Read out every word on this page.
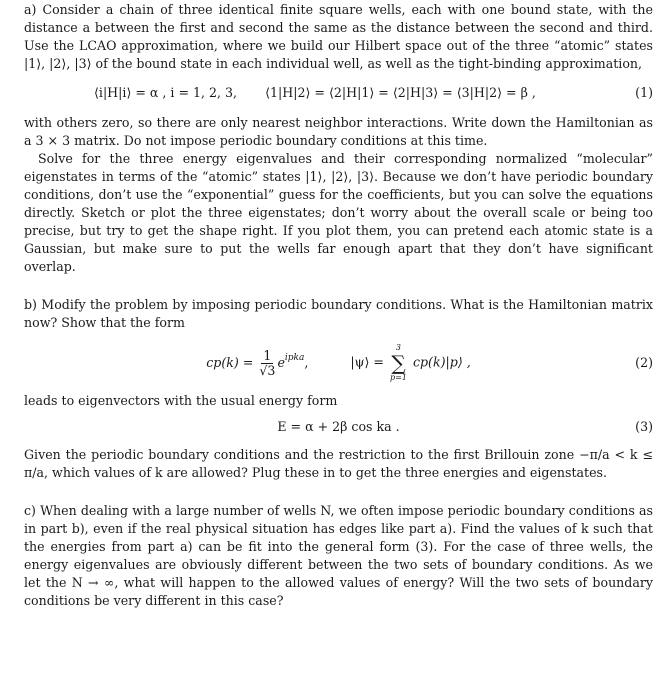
a) Consider a chain of three identical finite square wells, each with one bound state, with the distance a between the first and second the same as the distance between the second and third. Use the LCAO approximation, where we build our Hilbert space out of the three “atomic” states |1⟩, |2⟩, |3⟩ of the bound state in each individual well, as well as the tight-binding approximation,

⟨i|H|i⟩ = α , i = 1, 2, 3, ⟨1|H|2⟩ = ⟨2|H|1⟩ = ⟨2|H|3⟩ = ⟨3|H|2⟩ = β ,	(1)

with others zero, so there are only nearest neighbor interactions. Write down the Hamiltonian as a 3 × 3 matrix. Do not impose periodic boundary conditions at this time.

Solve for the three energy eigenvalues and their corresponding normalized “molecular” eigenstates in terms of the “atomic” states |1⟩, |2⟩, |3⟩. Because we don’t have periodic boundary conditions, don’t use the “exponential” guess for the coefficients, but you can solve the equations directly. Sketch or plot the three eigenstates; don’t worry about the overall scale or being too precise, but try to get the shape right. If you plot them, you can pretend each atomic state is a Gaussian, but make sure to put the wells far enough apart that they don’t have significant overlap.

b) Modify the problem by imposing periodic boundary conditions. What is the Hamiltonian matrix now? Show that the form

$cp(k) = \frac{1}{√3} e^{ipka}$,	|ψ⟩ =
3
∑
p=1
cp(k)|p⟩ ,	(2)

leads to eigenvectors with the usual energy form

E = α + 2β cos ka .	(3)

Given the periodic boundary conditions and the restriction to the first Brillouin zone −π/a < k ≤ π/a, which values of k are allowed? Plug these in to get the three energies and eigenstates.

c) When dealing with a large number of wells N, we often impose periodic boundary conditions as in part b), even if the real physical situation has edges like part a). Find the values of k such that the energies from part a) can be fit into the general form (3). For the case of three wells, the energy eigenvalues are obviously different between the two sets of boundary conditions. As we let the N → ∞, what will happen to the allowed values of energy? Will the two sets of boundary conditions be very different in this case?
